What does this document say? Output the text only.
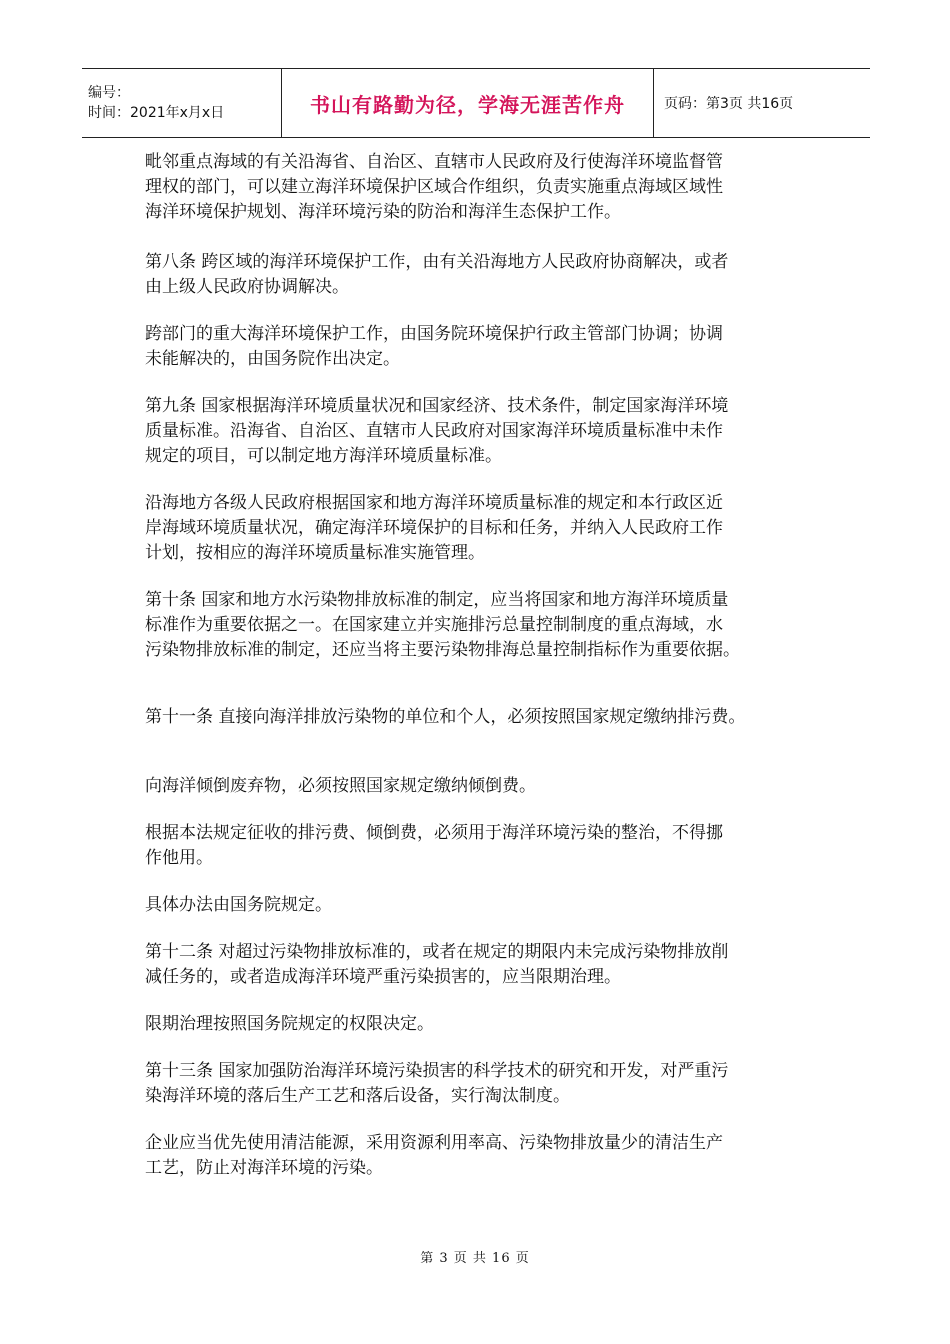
编号：
时间：2021年x月x日	书山有路勤为径，学海无涯苦作舟	页码：第3页 共16页

毗邻重点海域的有关沿海省、自治区、直辖市人民政府及行使海洋环境监督管
理权的部门，可以建立海洋环境保护区域合作组织，负责实施重点海域区域性
海洋环境保护规划、海洋环境污染的防治和海洋生态保护工作。

第八条 跨区域的海洋环境保护工作，由有关沿海地方人民政府协商解决，或者
由上级人民政府协调解决。

跨部门的重大海洋环境保护工作，由国务院环境保护行政主管部门协调；协调
未能解决的，由国务院作出决定。

第九条 国家根据海洋环境质量状况和国家经济、技术条件，制定国家海洋环境
质量标准。沿海省、自治区、直辖市人民政府对国家海洋环境质量标准中未作
规定的项目，可以制定地方海洋环境质量标准。

沿海地方各级人民政府根据国家和地方海洋环境质量标准的规定和本行政区近
岸海域环境质量状况，确定海洋环境保护的目标和任务，并纳入人民政府工作
计划，按相应的海洋环境质量标准实施管理。

第十条 国家和地方水污染物排放标准的制定，应当将国家和地方海洋环境质量
标准作为重要依据之一。在国家建立并实施排污总量控制制度的重点海域，水
污染物排放标准的制定，还应当将主要污染物排海总量控制指标作为重要依据。

第十一条 直接向海洋排放污染物的单位和个人，必须按照国家规定缴纳排污费。

向海洋倾倒废弃物，必须按照国家规定缴纳倾倒费。

根据本法规定征收的排污费、倾倒费，必须用于海洋环境污染的整治，不得挪
作他用。

具体办法由国务院规定。

第十二条 对超过污染物排放标准的，或者在规定的期限内未完成污染物排放削
减任务的，或者造成海洋环境严重污染损害的，应当限期治理。

限期治理按照国务院规定的权限决定。

第十三条 国家加强防治海洋环境污染损害的科学技术的研究和开发，对严重污
染海洋环境的落后生产工艺和落后设备，实行淘汰制度。

企业应当优先使用清洁能源，采用资源利用率高、污染物排放量少的清洁生产
工艺，防止对海洋环境的污染。

第 3 页 共 16 页
